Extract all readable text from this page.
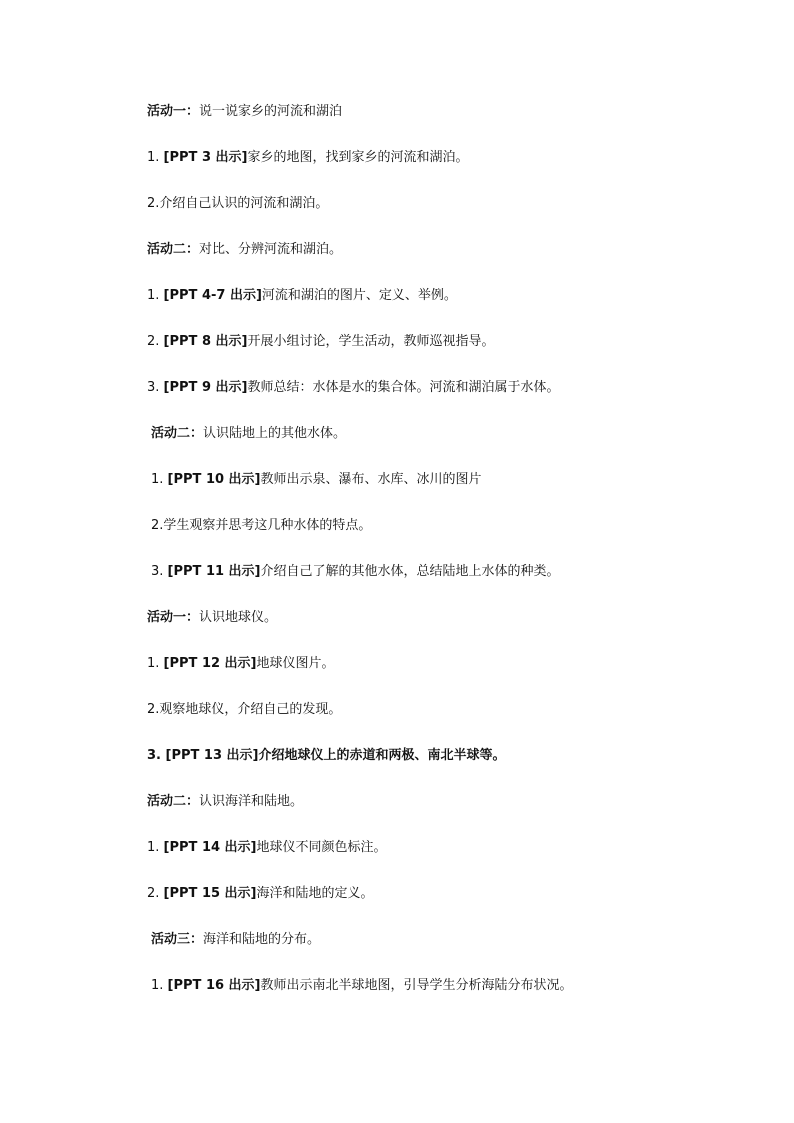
活动一：说一说家乡的河流和湖泊
1. [PPT 3 出示]家乡的地图，找到家乡的河流和湖泊。
2.介绍自己认识的河流和湖泊。
活动二：对比、分辨河流和湖泊。
1. [PPT 4-7 出示]河流和湖泊的图片、定义、举例。
2. [PPT 8 出示]开展小组讨论，学生活动，教师巡视指导。
3. [PPT 9 出示]教师总结：水体是水的集合体。河流和湖泊属于水体。
活动二：认识陆地上的其他水体。
1. [PPT 10 出示]教师出示泉、瀑布、水库、冰川的图片
2.学生观察并思考这几种水体的特点。
3. [PPT 11 出示]介绍自己了解的其他水体，总结陆地上水体的种类。
活动一：认识地球仪。
1. [PPT 12 出示]地球仪图片。
2.观察地球仪，介绍自己的发现。
3. [PPT 13 出示]介绍地球仪上的赤道和两极、南北半球等。
活动二：认识海洋和陆地。
1. [PPT 14 出示]地球仪不同颜色标注。
2. [PPT 15 出示]海洋和陆地的定义。
活动三：海洋和陆地的分布。
1. [PPT 16 出示]教师出示南北半球地图，引导学生分析海陆分布状况。
